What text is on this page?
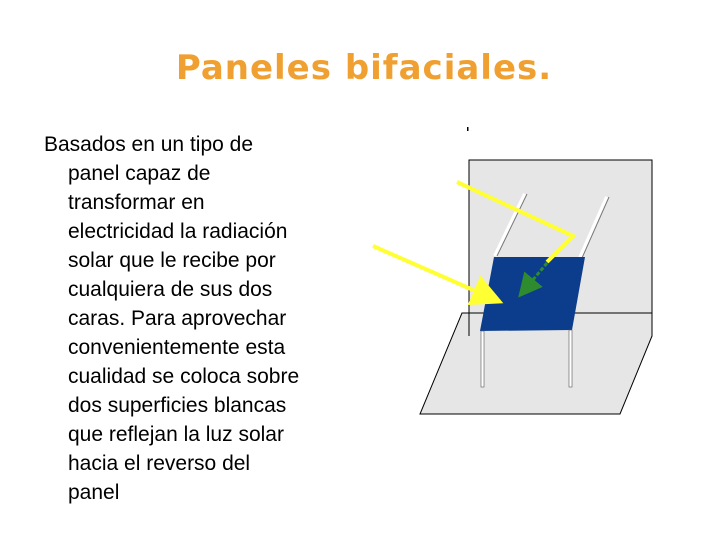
Paneles bifaciales.
Basados en un tipo de
panel capaz de
transformar en
electricidad la radiación
solar que le recibe por
cualquiera de sus dos
caras. Para aprovechar
convenientemente esta
cualidad se coloca sobre
dos superficies blancas
que reflejan la luz solar
hacia el reverso del
panel
